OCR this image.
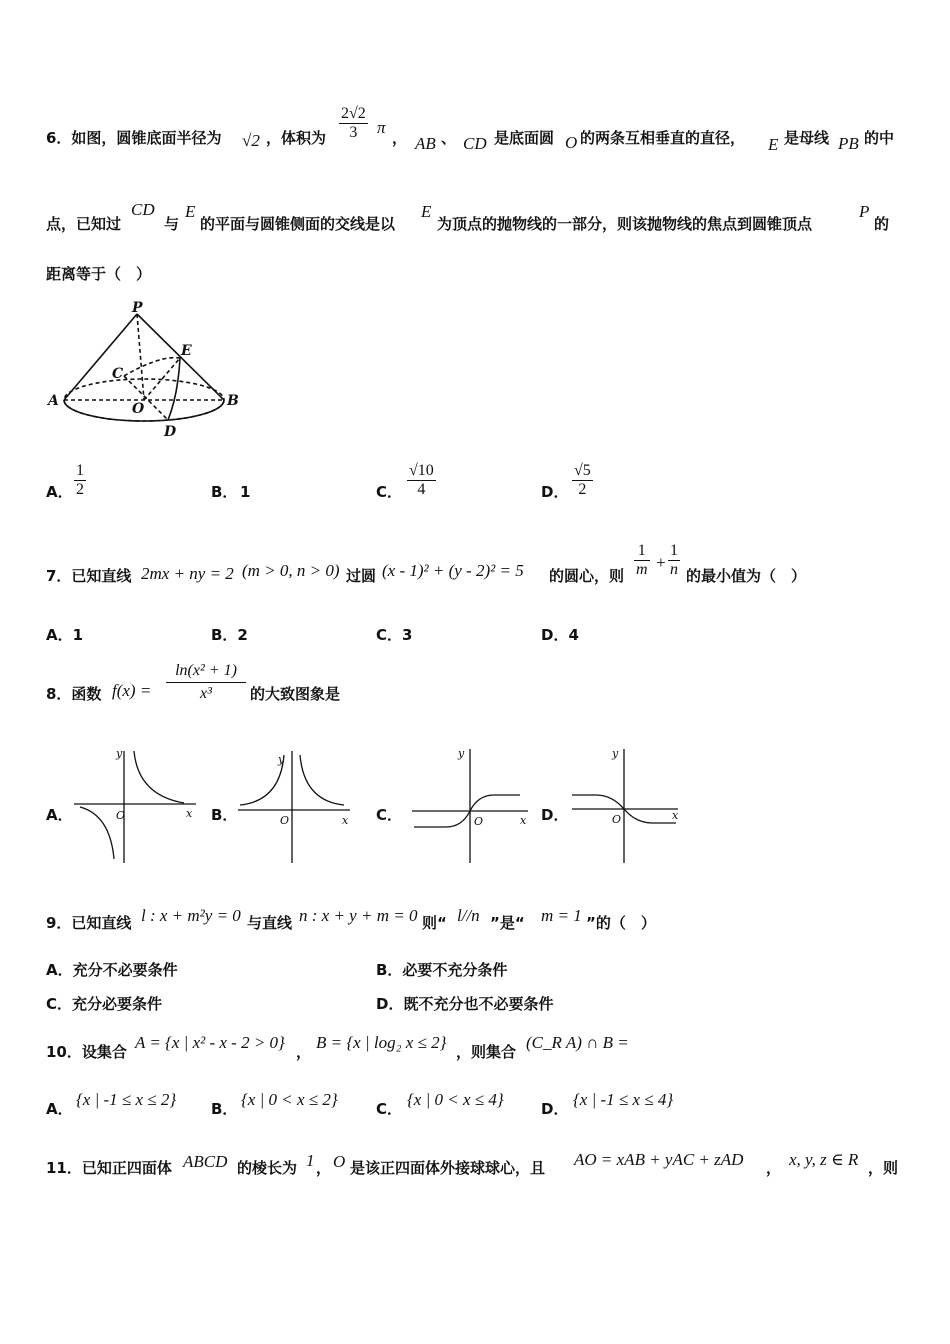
6．如图，圆锥底面半径为 √2 ，体积为 $\frac{2√2}{3}$ π
， AB 、 CD 是底面圆 O 的两条互相垂直的直径， E 是母线 PB 的中
点，已知过
CD
与
E
的平面与圆锥侧面的交线是以
E
为顶点的抛物线的一部分，则该抛物线的焦点到圆锥顶点
P
的
距离等于（　）
P
E
C
A	O	B
D
A． $\frac{1}{2}$	B． 1	C． $\frac{√10}{4}$	D． $\frac{√5}{2}$
7．已知直线 2mx + ny = 2 (m > 0, n > 0) 过圆 (x - 1)² + (y - 2)² = 5 的圆心，则 $\frac{1}{m} + \frac{1}{n}$ 的最小值为（　）
A．1	B．2	C．3	D．4
8．函数 $f(x) = \frac{\text{ln(x² + 1)}}{\text{x³}}$ 的大致图象是
A．
y
x
O	B．
y
x
O	C．
y
x
O	D．
y
x
O
9．已知直线 l : x + m²y = 0 与直线 n : x + y + m = 0 则“ l//n ”是“ m = 1 ”的（　）
A．充分不必要条件	B．必要不充分条件
C．充分必要条件	D．既不充分也不必要条件
10．设集合 A = {x | x² - x - 2 > 0} ， B = {x | log₂ x ≤ 2} ，则集合 (C_R A) ∩ B =
A． {x | -1 ≤ x ≤ 2} B． {x | 0 < x ≤ 2}	C． {x | 0 < x ≤ 4} D． {x | -1 ≤ x ≤ 4}
11．已知正四面体 ABCD 的棱长为 1 ， O 是该正四面体外接球球心，且 AO = xAB + yAC + zAD ， x, y, z ∈ R ，则
